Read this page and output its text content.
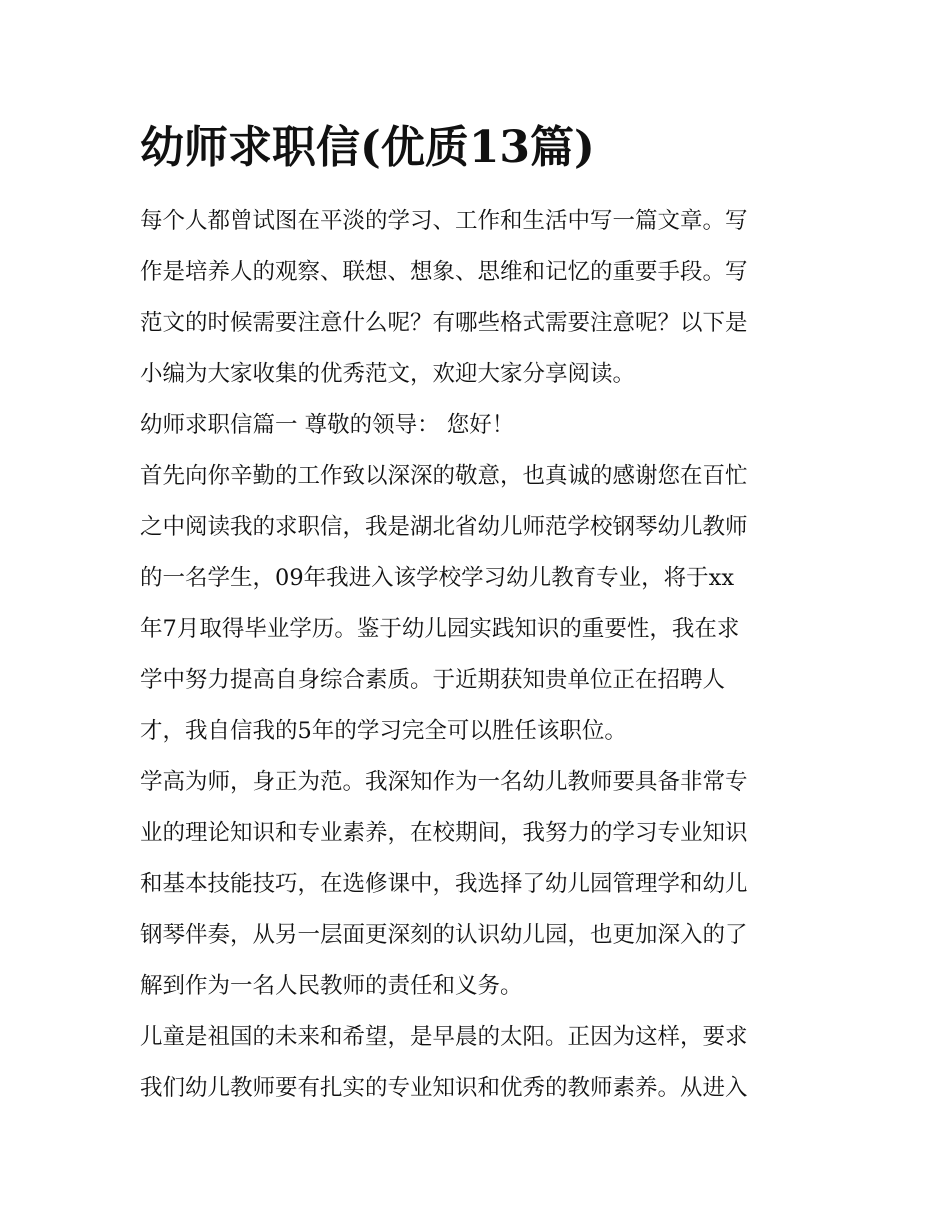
幼师求职信(优质13篇)

每个人都曾试图在平淡的学习、工作和生活中写一篇文章。写
作是培养人的观察、联想、想象、思维和记忆的重要手段。写
范文的时候需要注意什么呢？有哪些格式需要注意呢？以下是
小编为大家收集的优秀范文，欢迎大家分享阅读。

幼师求职信篇一 尊敬的领导： 您好！

首先向你辛勤的工作致以深深的敬意，也真诚的感谢您在百忙
之中阅读我的求职信，我是湖北省幼儿师范学校钢琴幼儿教师
的一名学生，09年我进入该学校学习幼儿教育专业，将于xx
年7月取得毕业学历。鉴于幼儿园实践知识的重要性，我在求
学中努力提高自身综合素质。于近期获知贵单位正在招聘人
才，我自信我的5年的学习完全可以胜任该职位。

学高为师，身正为范。我深知作为一名幼儿教师要具备非常专
业的理论知识和专业素养，在校期间，我努力的学习专业知识
和基本技能技巧，在选修课中，我选择了幼儿园管理学和幼儿
钢琴伴奏，从另一层面更深刻的认识幼儿园，也更加深入的了
解到作为一名人民教师的责任和义务。

儿童是祖国的未来和希望，是早晨的太阳。正因为这样，要求
我们幼儿教师要有扎实的专业知识和优秀的教师素养。从进入
